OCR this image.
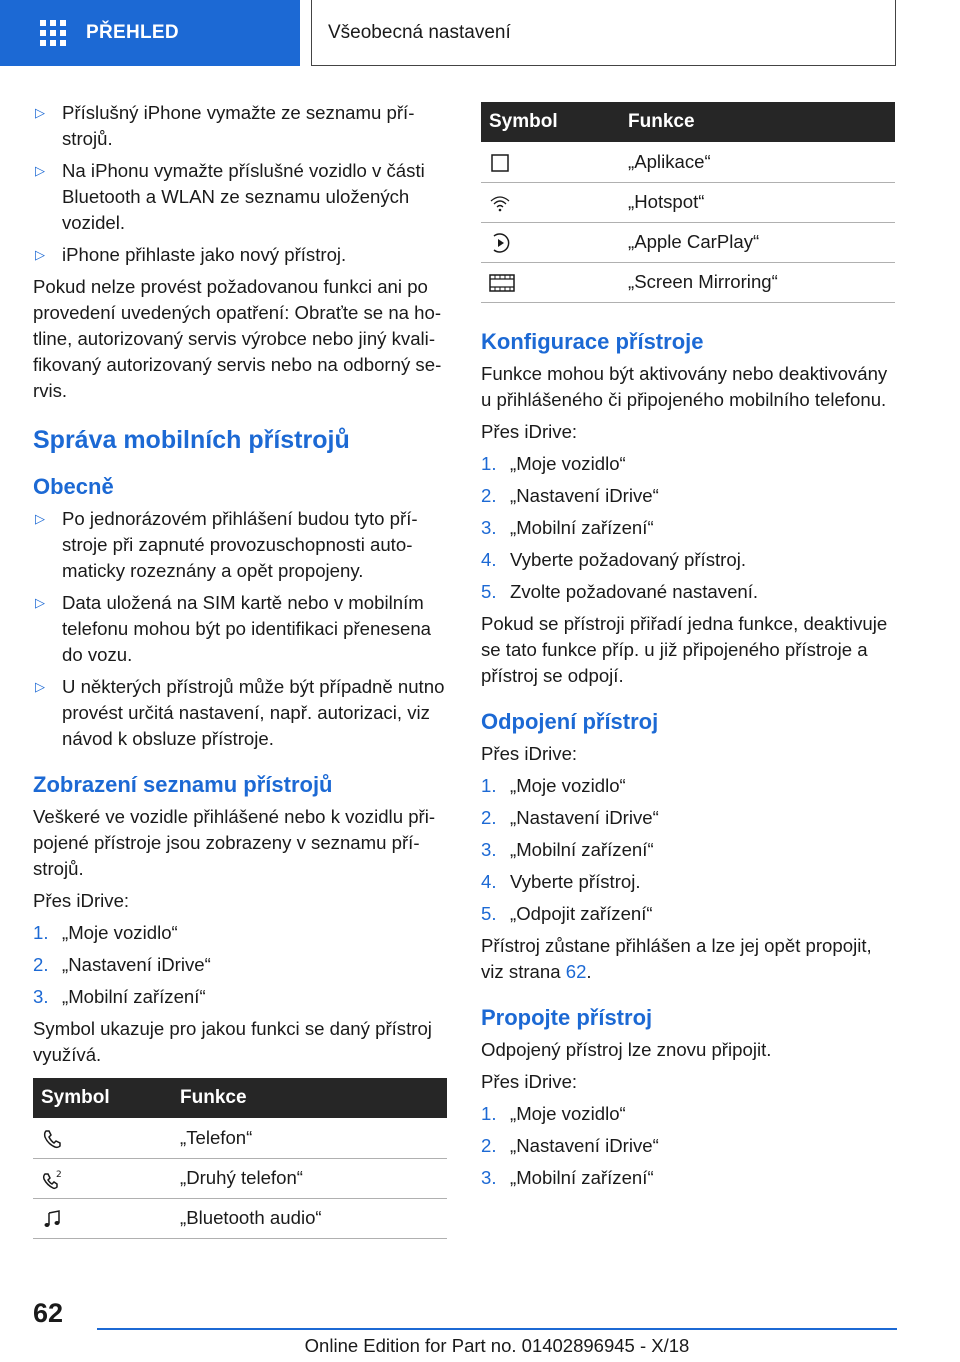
PŘEHLED	Všeobecná nastavení
▷ Příslušný iPhone vymažte ze seznamu přístrojů.
▷ Na iPhonu vymažte příslušné vozidlo v části Bluetooth a WLAN ze seznamu uložených vozidel.
▷ iPhone přihlaste jako nový přístroj.

Pokud nelze provést požadovanou funkci ani po provedení uvedených opatření: Obraťte se na hotline, autorizovaný servis výrobce nebo jiný kvalifikovaný autorizovaný servis nebo na odborný servis.

Správa mobilních přístrojů
Obecně
▷ Po jednorázovém přihlášení budou tyto přístroje při zapnuté provozuschopnosti automaticky rozeznány a opět propojeny.
▷ Data uložená na SIM kartě nebo v mobilním telefonu mohou být po identifikaci přenesena do vozu.
▷ U některých přístrojů může být případně nutno provést určitá nastavení, např. autorizaci, viz návod k obsluze přístroje.
Zobrazení seznamu přístrojů

Veškeré ve vozidle přihlášené nebo k vozidlu připojené přístroje jsou zobrazeny v seznamu přístrojů.

Přes iDrive:

1. „Moje vozidlo“
2. „Nastavení iDrive“
3. „Mobilní zařízení“

Symbol ukazuje pro jakou funkci se daný přístroj využívá.

Symbol	Funkce
	„Telefon“

2	„Druhý telefon“
	„Bluetooth audio“
Symbol	Funkce
	„Aplikace“
	„Hotspot“
	„Apple CarPlay“
	„Screen Mirroring“
Konfigurace přístroje

Funkce mohou být aktivovány nebo deaktivovány u přihlášeného či připojeného mobilního telefonu.

Přes iDrive:

1. „Moje vozidlo“
2. „Nastavení iDrive“
3. „Mobilní zařízení“
4. Vyberte požadovaný přístroj.
5. Zvolte požadované nastavení.

Pokud se přístroji přiřadí jedna funkce, deaktivuje se tato funkce příp. u již připojeného přístroje a přístroj se odpojí.

Odpojení přístroj

Přes iDrive:

1. „Moje vozidlo“
2. „Nastavení iDrive“
3. „Mobilní zařízení“
4. Vyberte přístroj.
5. „Odpojit zařízení“

Přístroj zůstane přihlášen a lze jej opět propojit, viz strana 62.

Propojte přístroj

Odpojený přístroj lze znovu připojit.

Přes iDrive:

1. „Moje vozidlo“
2. „Nastavení iDrive“
3. „Mobilní zařízení“
62
Online Edition for Part no. 01402896945 - X/18
